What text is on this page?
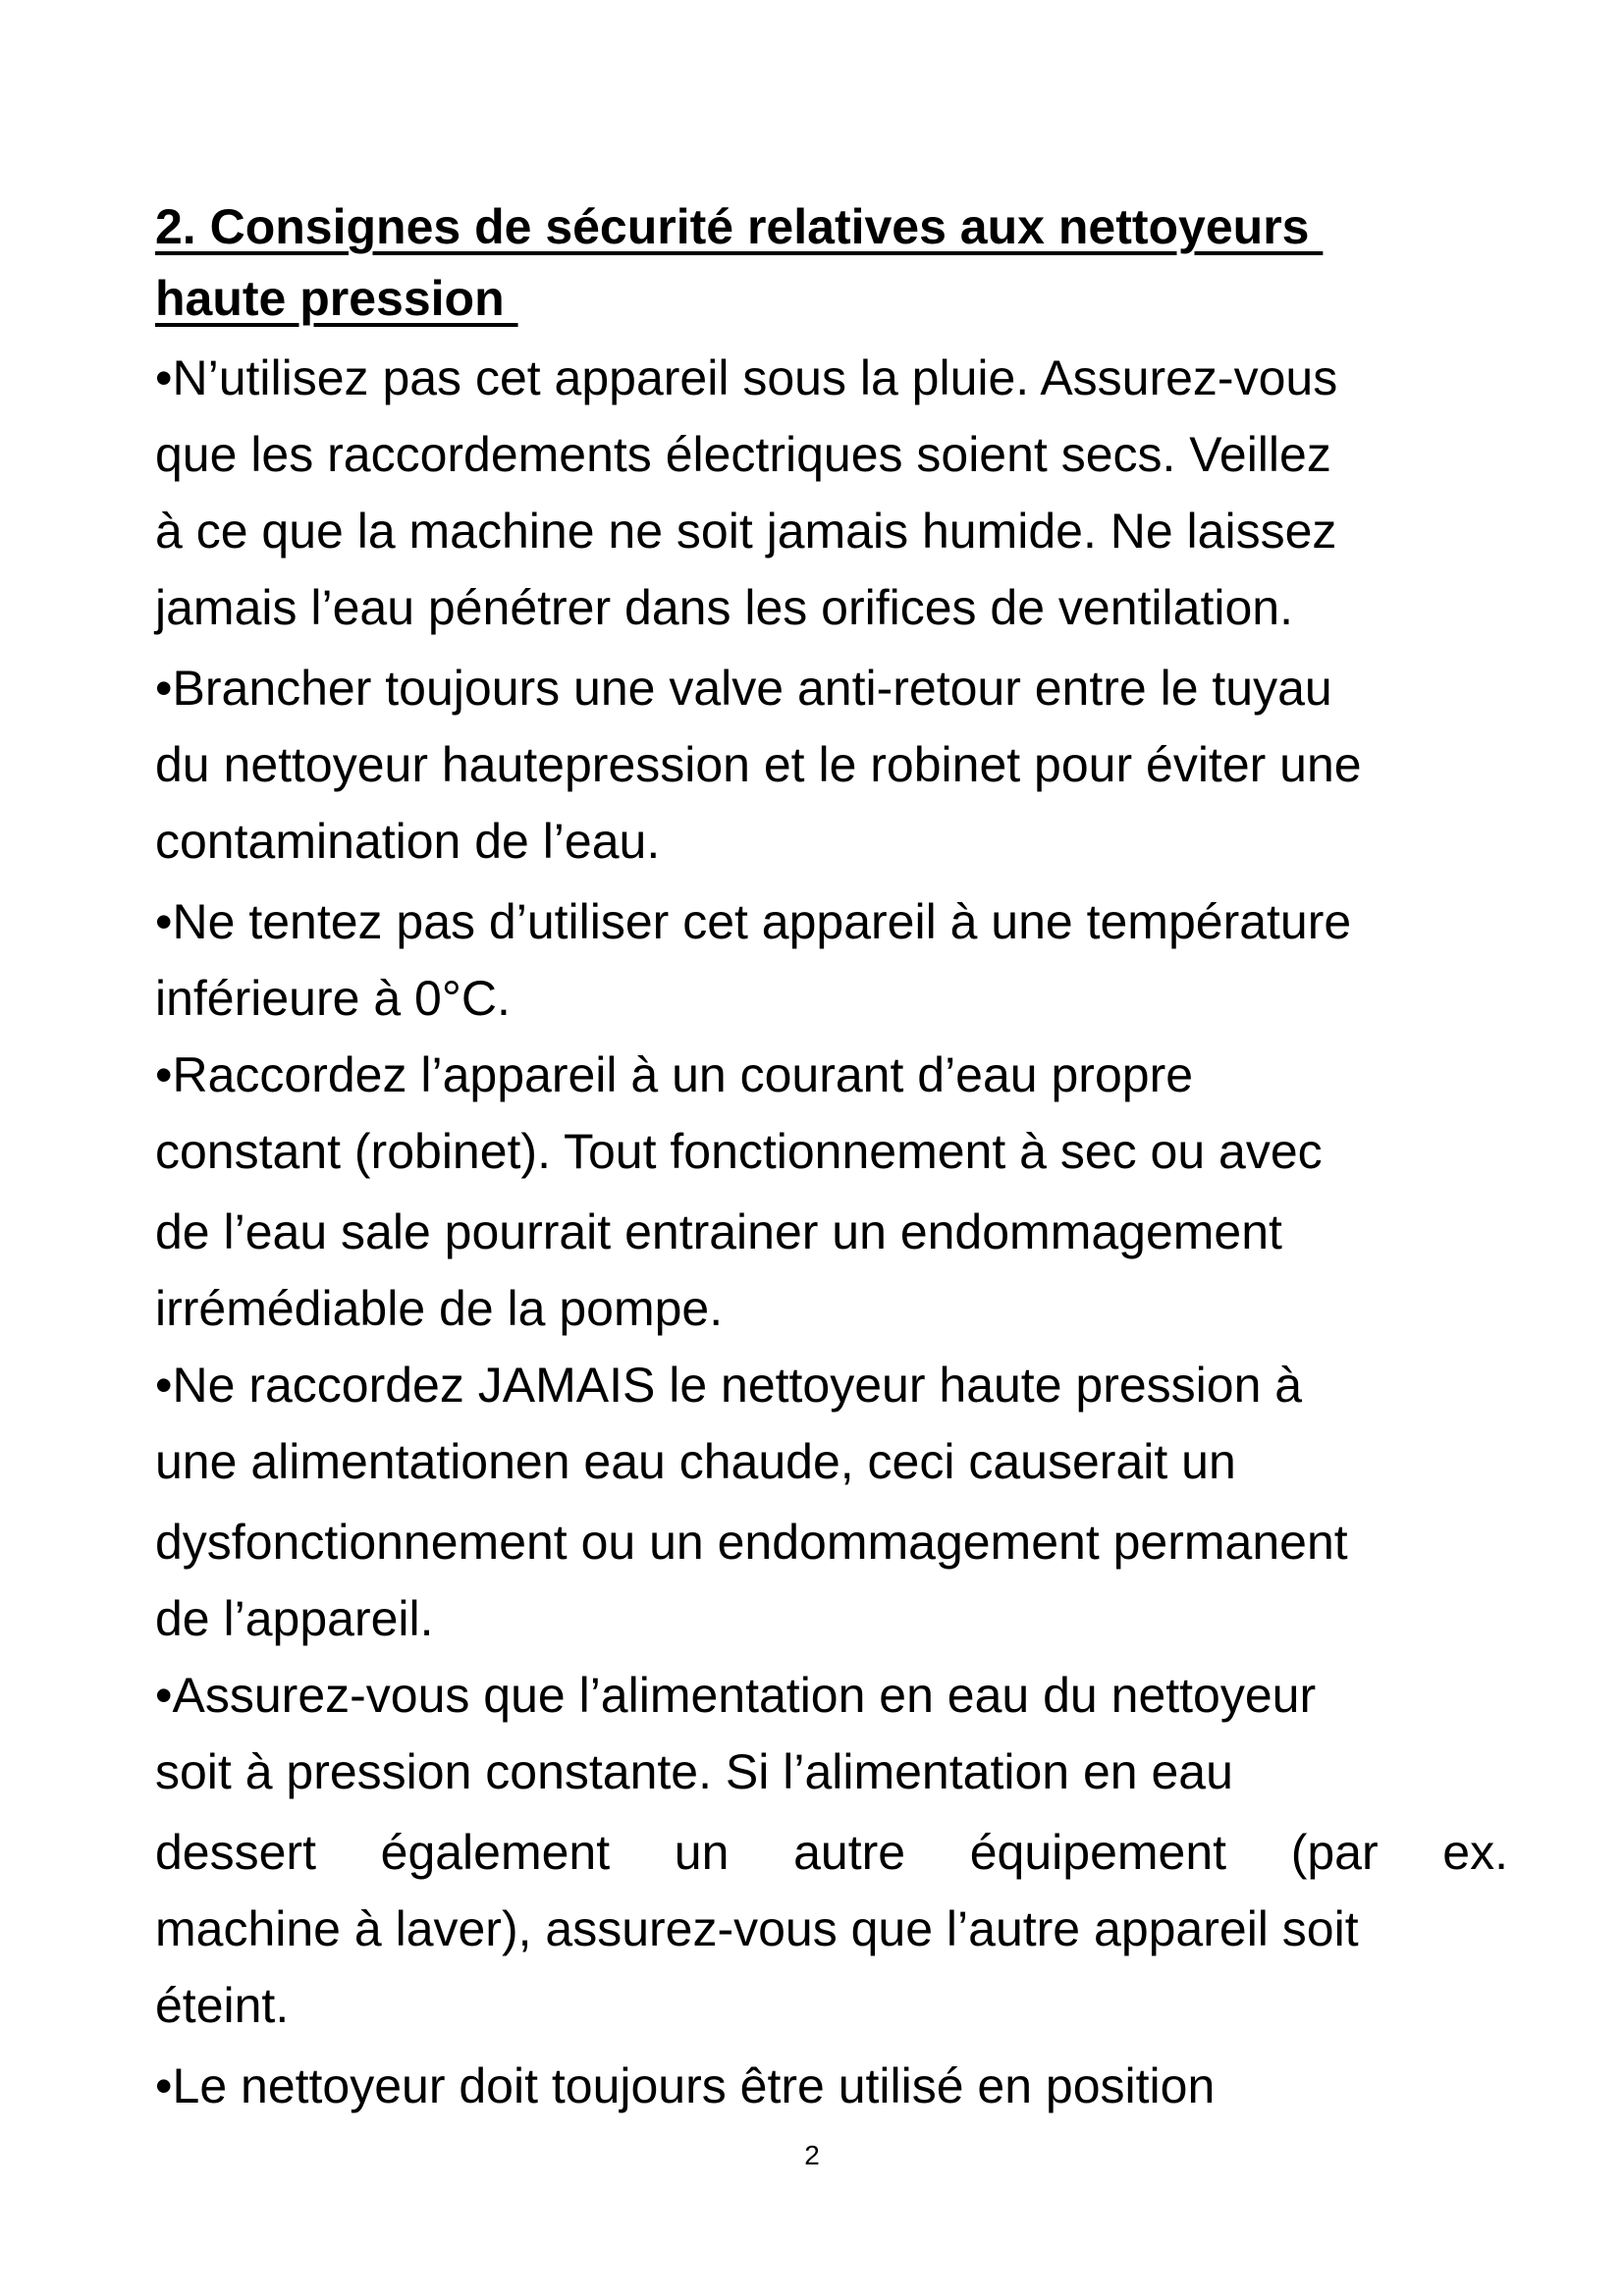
2. Consignes de sécurité relatives aux nettoyeurs

haute pression

•N’utilisez pas cet appareil sous la pluie. Assurez-vous

que les raccordements électriques soient secs. Veillez

à ce que la machine ne soit jamais humide. Ne laissez

jamais l’eau pénétrer dans les orifices de ventilation.

•Brancher toujours une valve anti-retour entre le tuyau

du nettoyeur hautepression et le robinet pour éviter une

contamination de l’eau.

•Ne tentez pas d’utiliser cet appareil à une température

inférieure à 0°C.

•Raccordez l’appareil à un courant d’eau propre

constant (robinet). Tout fonctionnement à sec ou avec

de l’eau sale pourrait entrainer un endommagement

irrémédiable de la pompe.

•Ne raccordez JAMAIS le nettoyeur haute pression à

une alimentationen eau chaude, ceci causerait un

dysfonctionnement ou un endommagement permanent

de l’appareil.

•Assurez-vous que l’alimentation en eau du nettoyeur

soit à pression constante. Si l’alimentation en eau

dessert également un autre équipement (par ex.

machine à laver), assurez-vous que l’autre appareil soit

éteint.

•Le nettoyeur doit toujours être utilisé en position

2
